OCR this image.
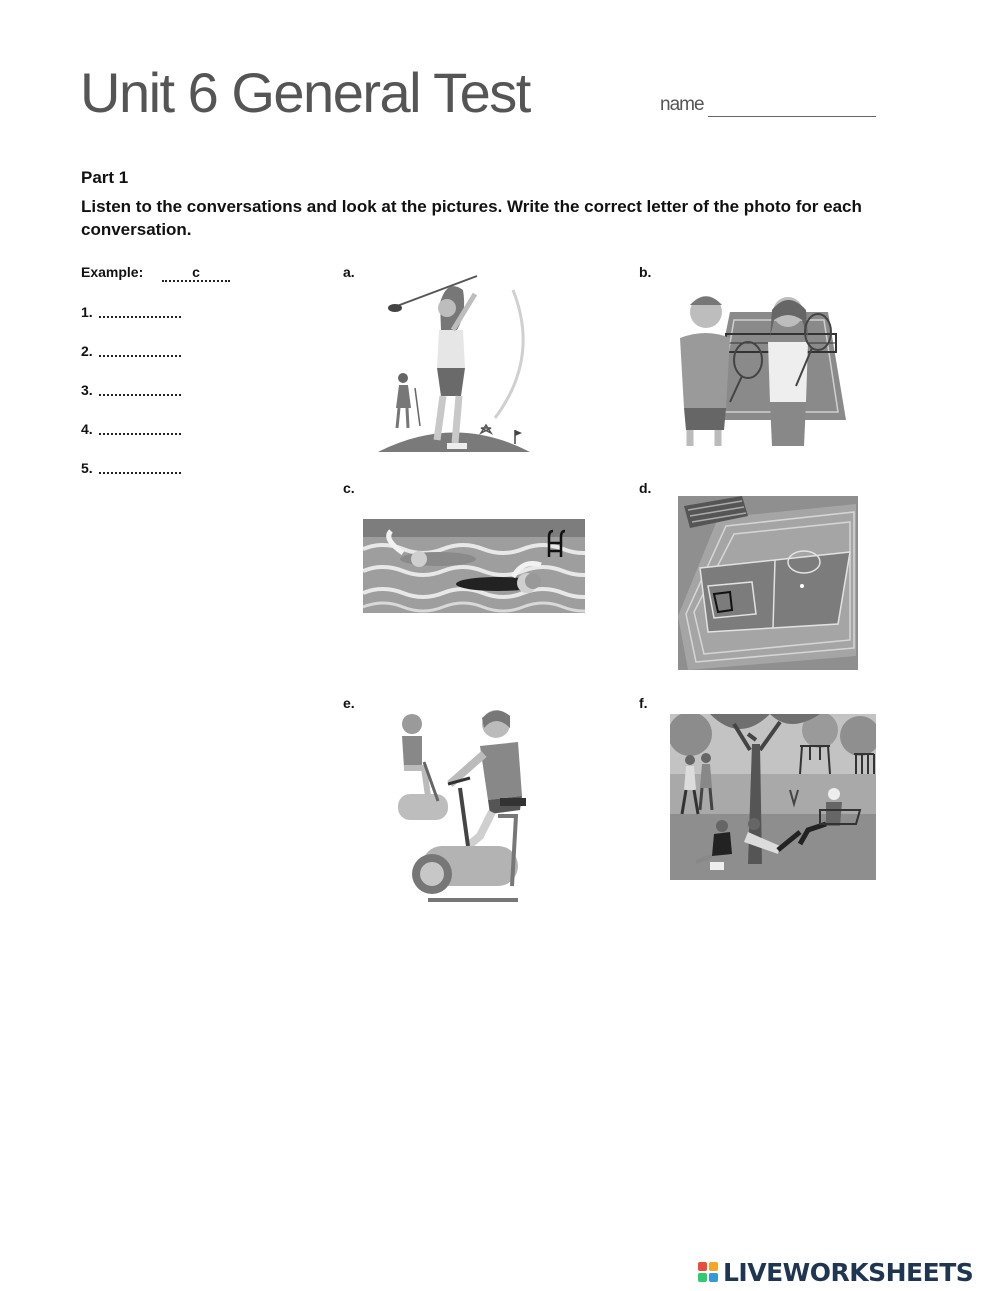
Unit 6 General Test	name
Part 1
Listen to the conversations and look at the pictures. Write the correct letter of the photo for each conversation.
Example:	c
1.
2.
3.
4.
5.
a.	b.
c.	d.
e.	f.
LIVEWORKSHEETS
